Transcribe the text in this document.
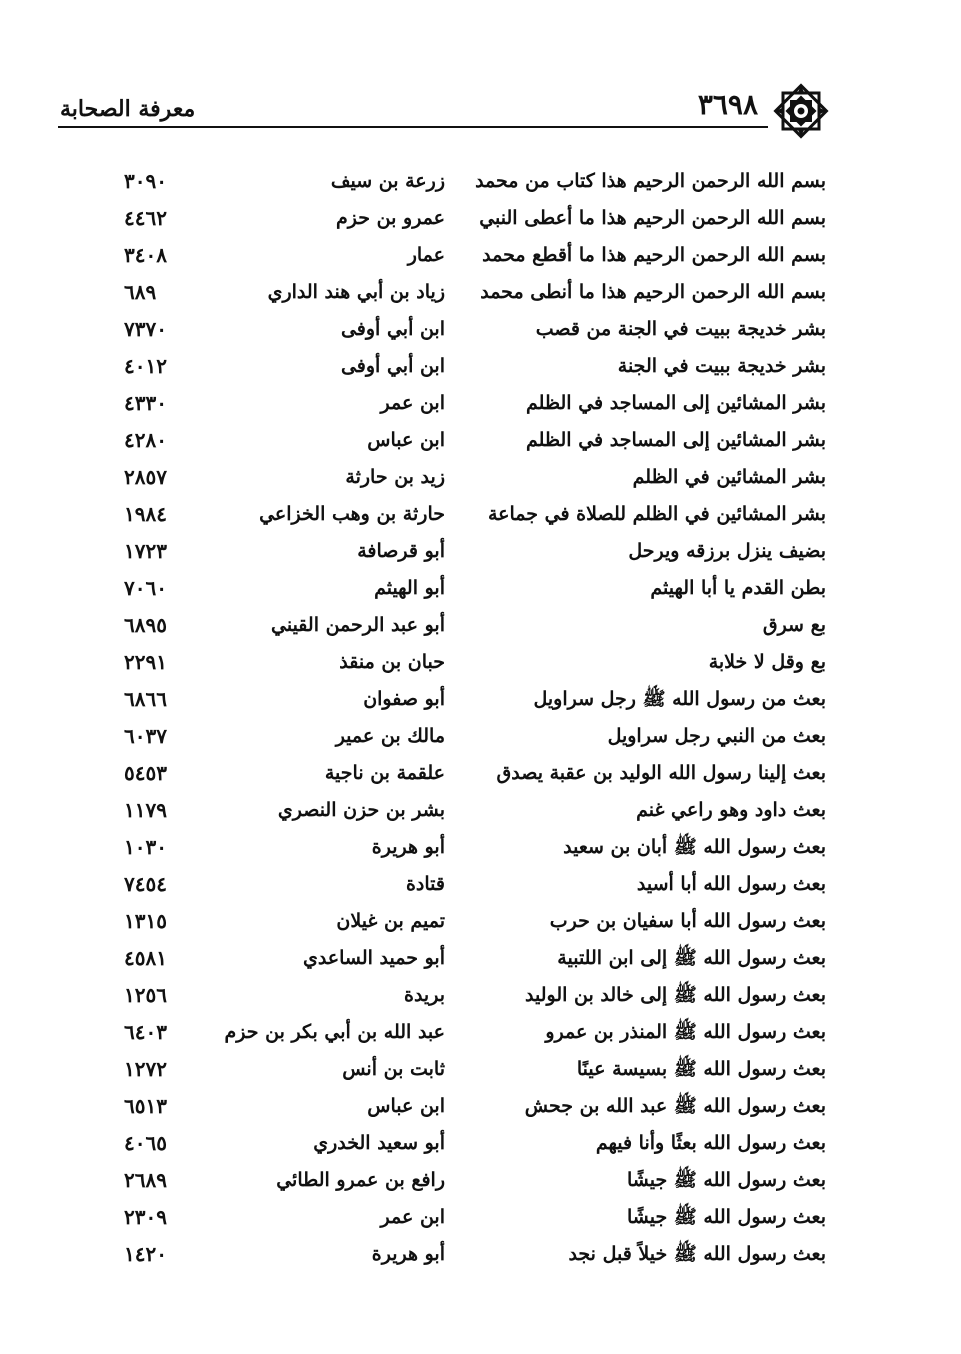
معرفة الصحابة	٣٦٩٨
بسم الله الرحمن الرحيم هذا كتاب من محمد
زرعة بن سيف
٣٠٩٠
بسم الله الرحمن الرحيم هذا ما أعطى النبي
عمرو بن حزم
٤٤٦٢
بسم الله الرحمن الرحيم هذا ما أقطع محمد
عمار
٣٤٠٨
بسم الله الرحمن الرحيم هذا ما أنطى محمد
زياد بن أبي هند الداري
٦٨٩
بشر خديجة ببيت في الجنة من قصب
ابن أبي أوفى
٧٣٧٠
بشر خديجة ببيت في الجنة
ابن أبي أوفى
٤٠١٢
بشر المشائين إلى المساجد في الظلم
ابن عمر
٤٣٣٠
بشر المشائين إلى المساجد في الظلم
ابن عباس
٤٢٨٠
بشر المشائين في الظلم
زيد بن حارثة
٢٨٥٧
بشر المشائين في الظلم للصلاة في جماعة
حارثة بن وهب الخزاعي
١٩٨٤
بضيف ينزل برزقه ويرحل
أبو قرصافة
١٧٢٣
بطن القدم يا أبا الهيثم
أبو الهيثم
٧٠٦٠
بع سرق
أبو عبد الرحمن القيني
٦٨٩٥
بع وقل لا خلابة
حبان بن منقذ
٢٢٩١
بعث من رسول الله ﷺ رجل سراويل
أبو صفوان
٦٨٦٦
بعث من النبي رجل سراويل
مالك بن عمير
٦٠٣٧
بعث إلينا رسول الله الوليد بن عقبة يصدق
علقمة بن ناجية
٥٤٥٣
بعث داود وهو راعي غنم
بشر بن حزن النصري
١١٧٩
بعث رسول الله ﷺ أبان بن سعيد
أبو هريرة
١٠٣٠
بعث رسول الله أبا أسيد
قتادة
٧٤٥٤
بعث رسول الله أبا سفيان بن حرب
تميم بن غيلان
١٣١٥
بعث رسول الله ﷺ إلى ابن اللتبية
أبو حميد الساعدي
٤٥٨١
بعث رسول الله ﷺ إلى خالد بن الوليد
بريدة
١٢٥٦
بعث رسول الله ﷺ المنذر بن عمرو
عبد الله بن أبي بكر بن حزم
٦٤٠٣
بعث رسول الله ﷺ بسيسة عينًا
ثابت بن أنس
١٢٧٢
بعث رسول الله ﷺ عبد الله بن جحش
ابن عباس
٦٥١٣
بعث رسول الله بعثًا وأنا فيهم
أبو سعيد الخدري
٤٠٦٥
بعث رسول الله ﷺ جيشًا
رافع بن عمرو الطائي
٢٦٨٩
بعث رسول الله ﷺ جيشًا
ابن عمر
٢٣٠٩
بعث رسول الله ﷺ خيلاً قبل نجد
أبو هريرة
١٤٢٠
